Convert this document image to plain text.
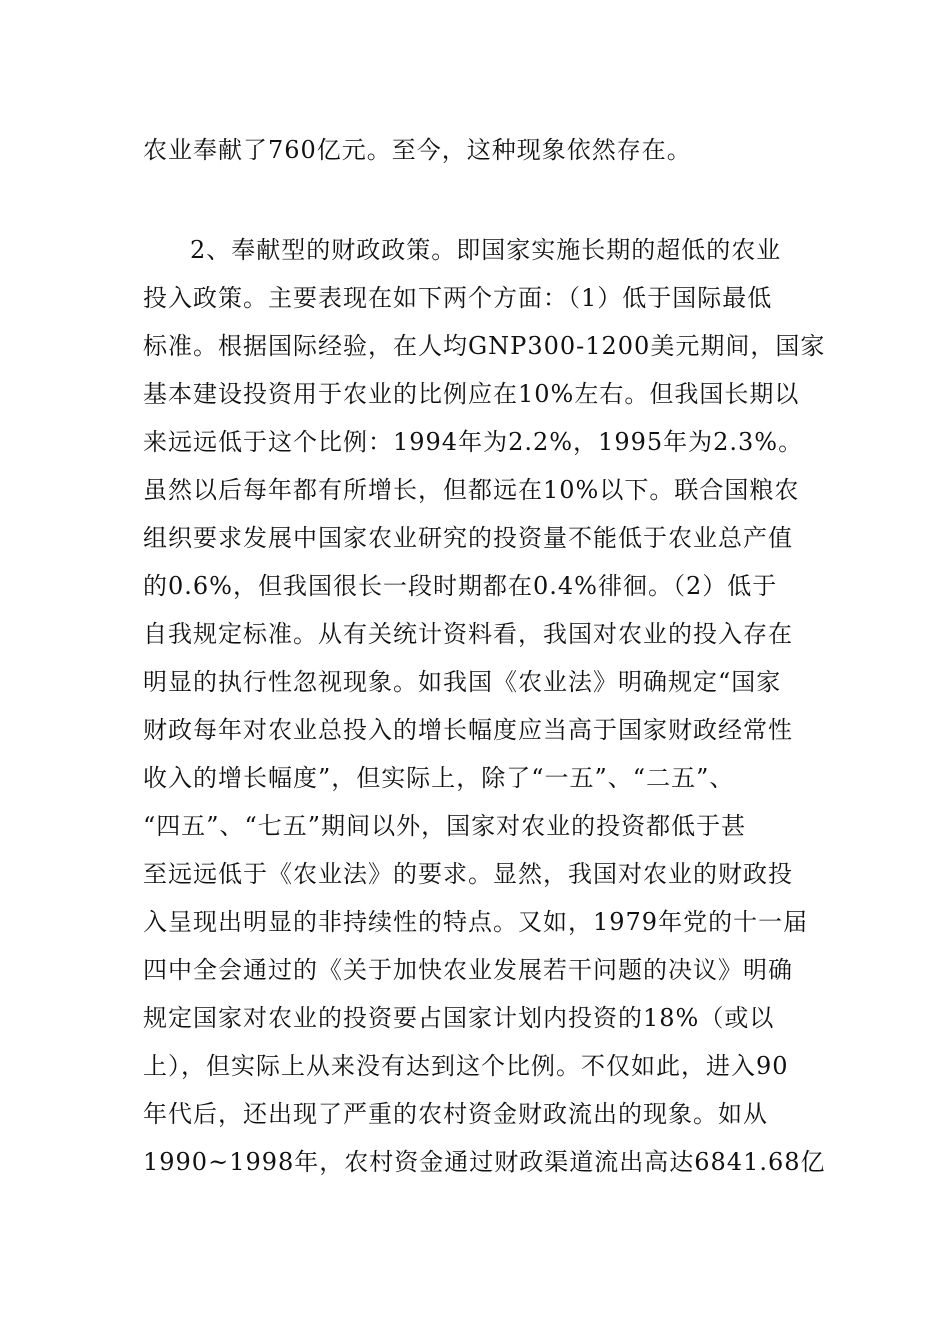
农业奉献了760亿元。至今，这种现象依然存在。
2、奉献型的财政政策。即国家实施长期的超低的农业
投入政策。主要表现在如下两个方面：（1）低于国际最低
标准。根据国际经验，在人均GNP300-1200美元期间，国家
基本建设投资用于农业的比例应在10%左右。但我国长期以
来远远低于这个比例：1994年为2.2%，1995年为2.3%。
虽然以后每年都有所增长，但都远在10%以下。联合国粮农
组织要求发展中国家农业研究的投资量不能低于农业总产值
的0.6%，但我国很长一段时期都在0.4%徘徊。（2）低于
自我规定标准。从有关统计资料看，我国对农业的投入存在
明显的执行性忽视现象。如我国《农业法》明确规定“国家
财政每年对农业总投入的增长幅度应当高于国家财政经常性
收入的增长幅度”，但实际上，除了“一五”、“二五”、
“四五”、“七五”期间以外，国家对农业的投资都低于甚
至远远低于《农业法》的要求。显然，我国对农业的财政投
入呈现出明显的非持续性的特点。又如，1979年党的十一届
四中全会通过的《关于加快农业发展若干问题的决议》明确
规定国家对农业的投资要占国家计划内投资的18%（或以
上），但实际上从来没有达到这个比例。不仅如此，进入90
年代后，还出现了严重的农村资金财政流出的现象。如从
1990~1998年，农村资金通过财政渠道流出高达6841.68亿
